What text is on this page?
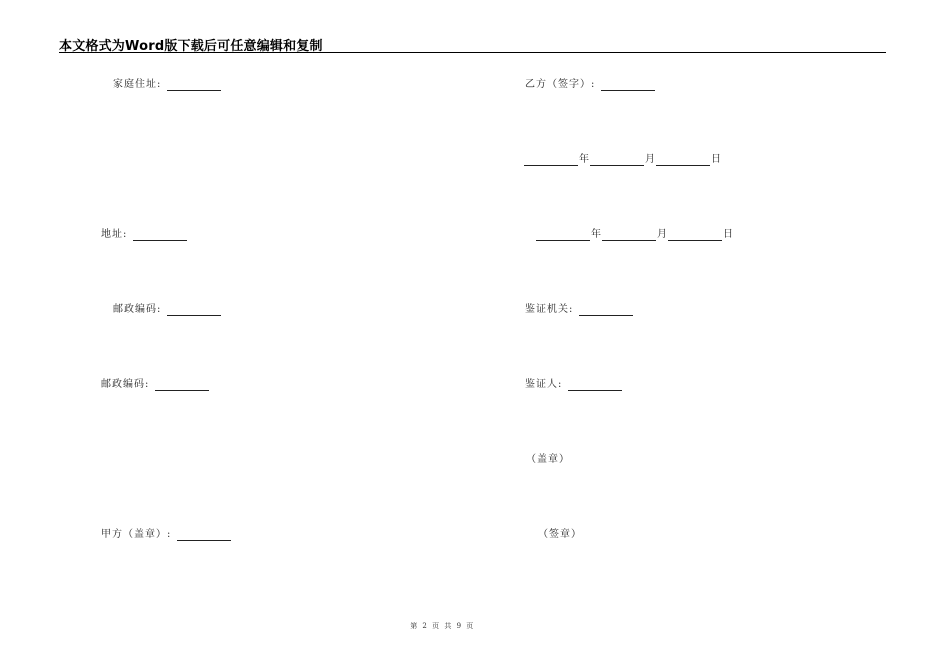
本文格式为Word版下载后可任意编辑和复制
家庭住址:
地址:
邮政编码:
邮政编码:
甲方（盖章）:
乙方（签字）:
年	月	日
年	月	日
鉴证机关:
鉴证人:
（盖章）
（签章）
第 2 页 共 9 页
